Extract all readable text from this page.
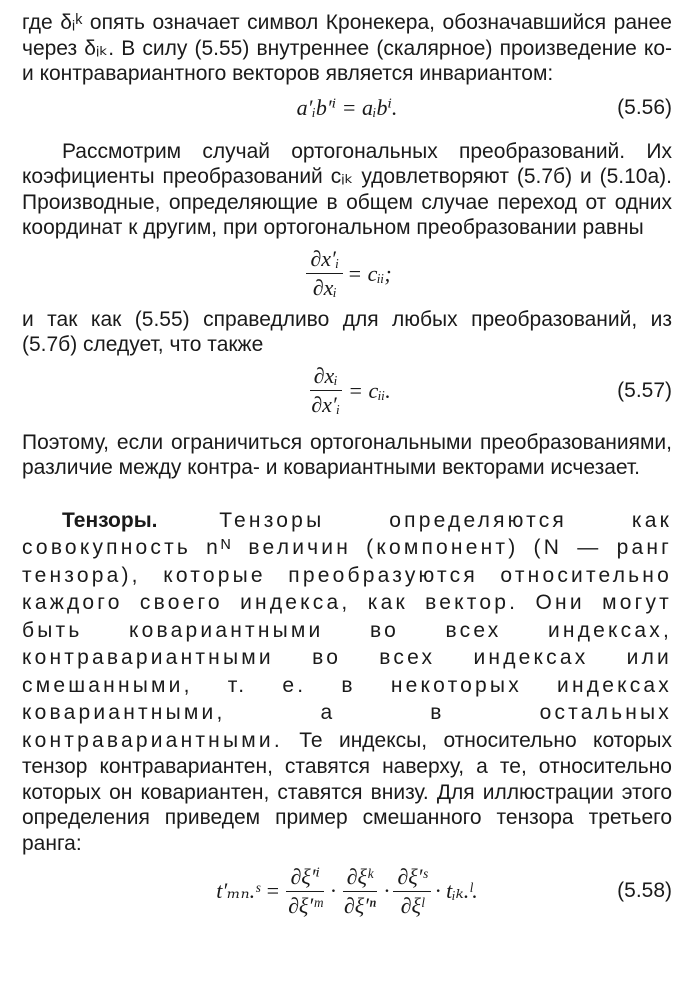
где δᵢᵏ опять означает символ Кронекера, обозначавшийся ранее через δᵢₖ. В силу (5.55) внутреннее (скалярное) произведение ко- и контравариантного векторов является инвариантом:

a′ᵢb′ⁱ = aᵢbⁱ.	(5.56)

Рассмотрим случай ортогональных преобразований. Их коэфициенты преобразований cᵢₖ удовлетворяют (5.7б) и (5.10а). Производные, определяющие в общем случае переход от одних координат к другим, при ортогональном преобразовании равны

$\frac{\text{∂x′ᵢ}}{\text{∂xᵢ}}$ = cᵢᵢ;

и так как (5.55) справедливо для любых преобразований, из (5.7б) следует, что также

$\frac{\text{∂xᵢ}}{\text{∂x′ᵢ}}$ = cᵢᵢ.	(5.57)

Поэтому, если ограничиться ортогональными преобразованиями, различие между контра- и ковариантными векторами исчезает.

Тензоры.	Тензоры определяются как совокупность nᴺ величин (компонент) (N — ранг тензора), которые преобразуются относительно каждого своего индекса, как вектор. Они могут быть ковариантными во всех индексах, контравариантными во всех индексах или смешанными, т. е. в некоторых индексах ковариантными, а в остальных контравариантными. Те индексы, относительно которых тензор контравариантен, ставятся наверху, а те, относительно которых он ковариантен, ставятся внизу. Для иллюстрации этого определения приведем пример смешанного тензора третьего ранга:

t′ₘₙ.ˢ = $\frac{\text{∂ξ′ⁱ}}{\text{∂ξ′ᵐ}} \cdot \frac{\text{∂ξᵏ}}{\text{∂ξ′ⁿ}} \cdot \frac{\text{∂ξ′ˢ}}{\text{∂ξˡ}}$ · tᵢₖ.ˡ.	(5.58)
